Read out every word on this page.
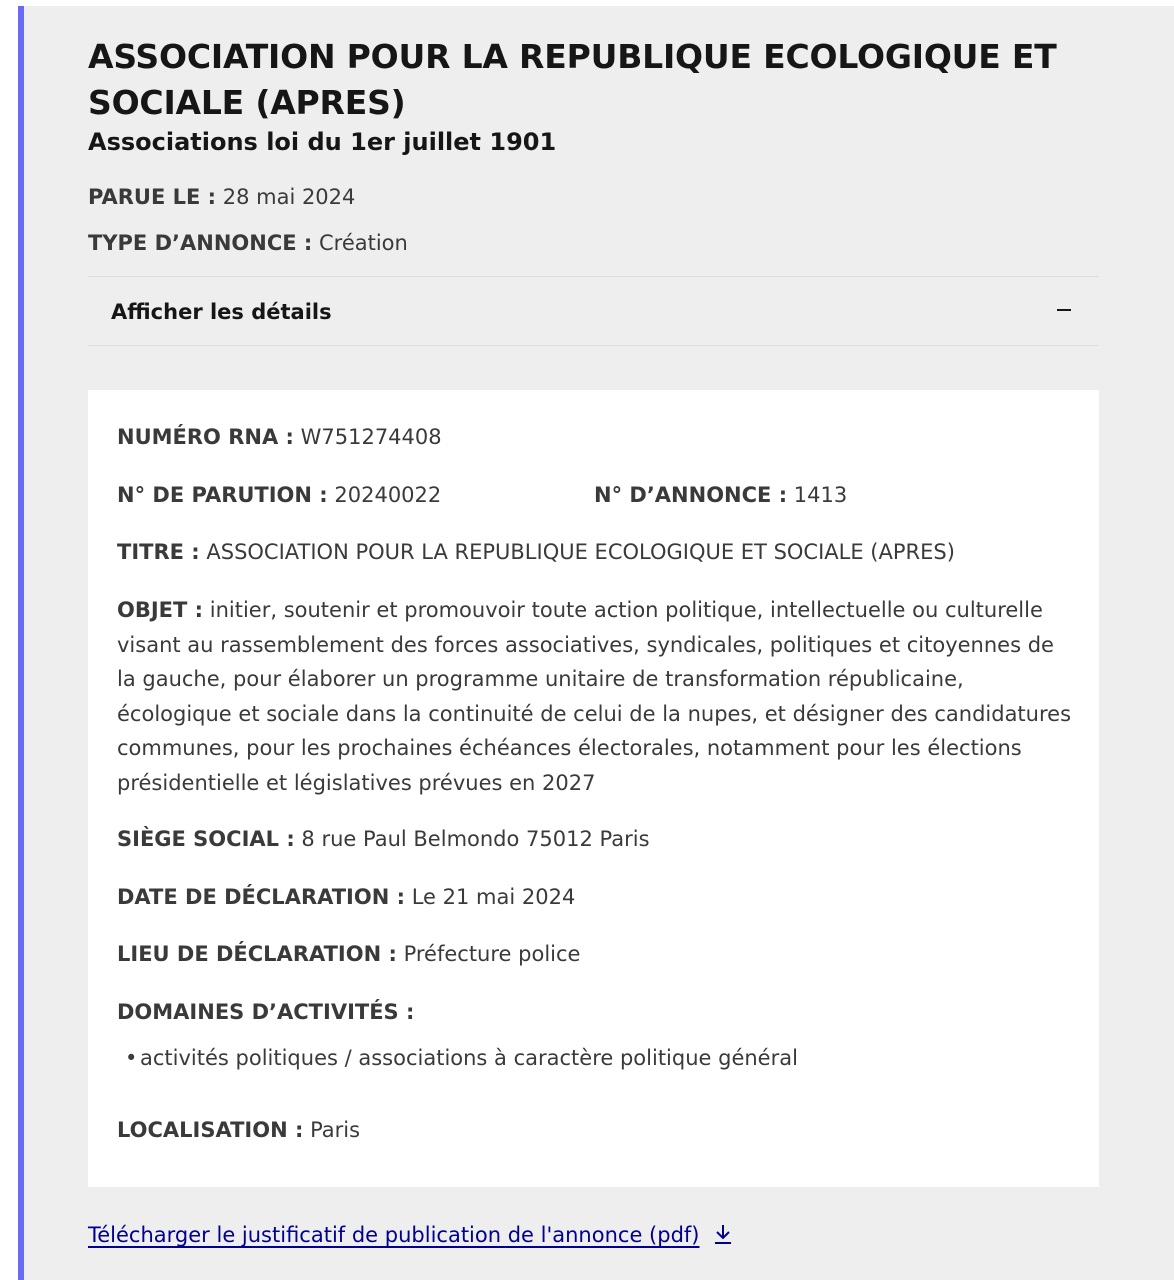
ASSOCIATION POUR LA REPUBLIQUE ECOLOGIQUE ET SOCIALE (APRES)
Associations loi du 1er juillet 1901
PARUE LE : 28 mai 2024
TYPE D’ANNONCE : Création
Afficher les détails
NUMÉRO RNA : W751274408
N° DE PARUTION : 20240022	N° D’ANNONCE : 1413
TITRE : ASSOCIATION POUR LA REPUBLIQUE ECOLOGIQUE ET SOCIALE (APRES)
OBJET : initier, soutenir et promouvoir toute action politique, intellectuelle ou culturelle visant au rassemblement des forces associatives, syndicales, politiques et citoyennes de la gauche, pour élaborer un programme unitaire de transformation républicaine, écologique et sociale dans la continuité de celui de la nupes, et désigner des candidatures communes, pour les prochaines échéances électorales, notamment pour les élections présidentielle et législatives prévues en 2027
SIÈGE SOCIAL : 8 rue Paul Belmondo 75012 Paris
DATE DE DÉCLARATION : Le 21 mai 2024
LIEU DE DÉCLARATION : Préfecture police
DOMAINES D’ACTIVITÉS :
• activités politiques / associations à caractère politique général
LOCALISATION : Paris
Télécharger le justificatif de publication de l'annonce (pdf)
